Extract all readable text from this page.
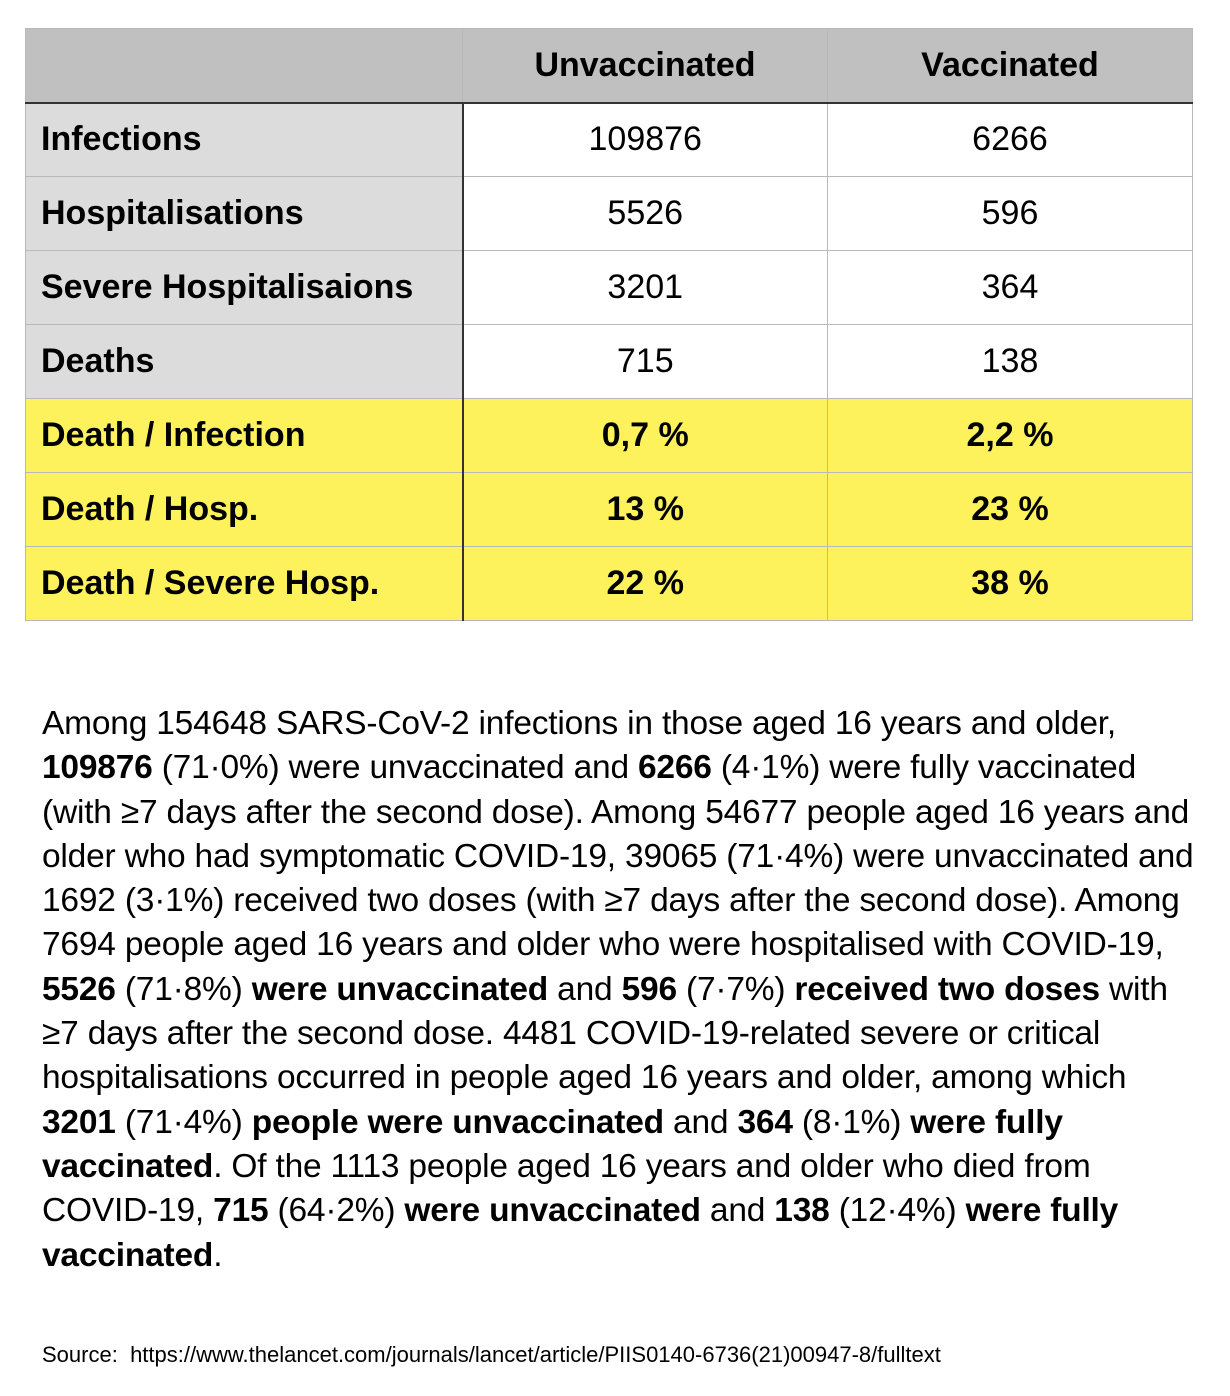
	Unvaccinated	Vaccinated
Infections	109876	6266
Hospitalisations	5526	596
Severe Hospitalisaions	3201	364
Deaths	715	138
Death / Infection	0,7 %	2,2 %
Death / Hosp.	13 %	23 %
Death / Severe Hosp.	22 %	38 %

Among 154648 SARS-CoV-2 infections in those aged 16 years and older, 109876 (71·0%) were unvaccinated and 6266 (4·1%) were fully vaccinated (with ≥7 days after the second dose). Among 54677 people aged 16 years and older who had symptomatic COVID-19, 39065 (71·4%) were unvaccinated and 1692 (3·1%) received two doses (with ≥7 days after the second dose). Among 7694 people aged 16 years and older who were hospitalised with COVID-19, 5526 (71·8%) were unvaccinated and 596 (7·7%) received two doses with ≥7 days after the second dose. 4481 COVID-19-related severe or critical hospitalisations occurred in people aged 16 years and older, among which 3201 (71·4%) people were unvaccinated and 364 (8·1%) were fully vaccinated. Of the 1113 people aged 16 years and older who died from COVID-19, 715 (64·2%) were unvaccinated and 138 (12·4%) were fully vaccinated.

Source: https://www.thelancet.com/journals/lancet/article/PIIS0140-6736(21)00947-8/fulltext
